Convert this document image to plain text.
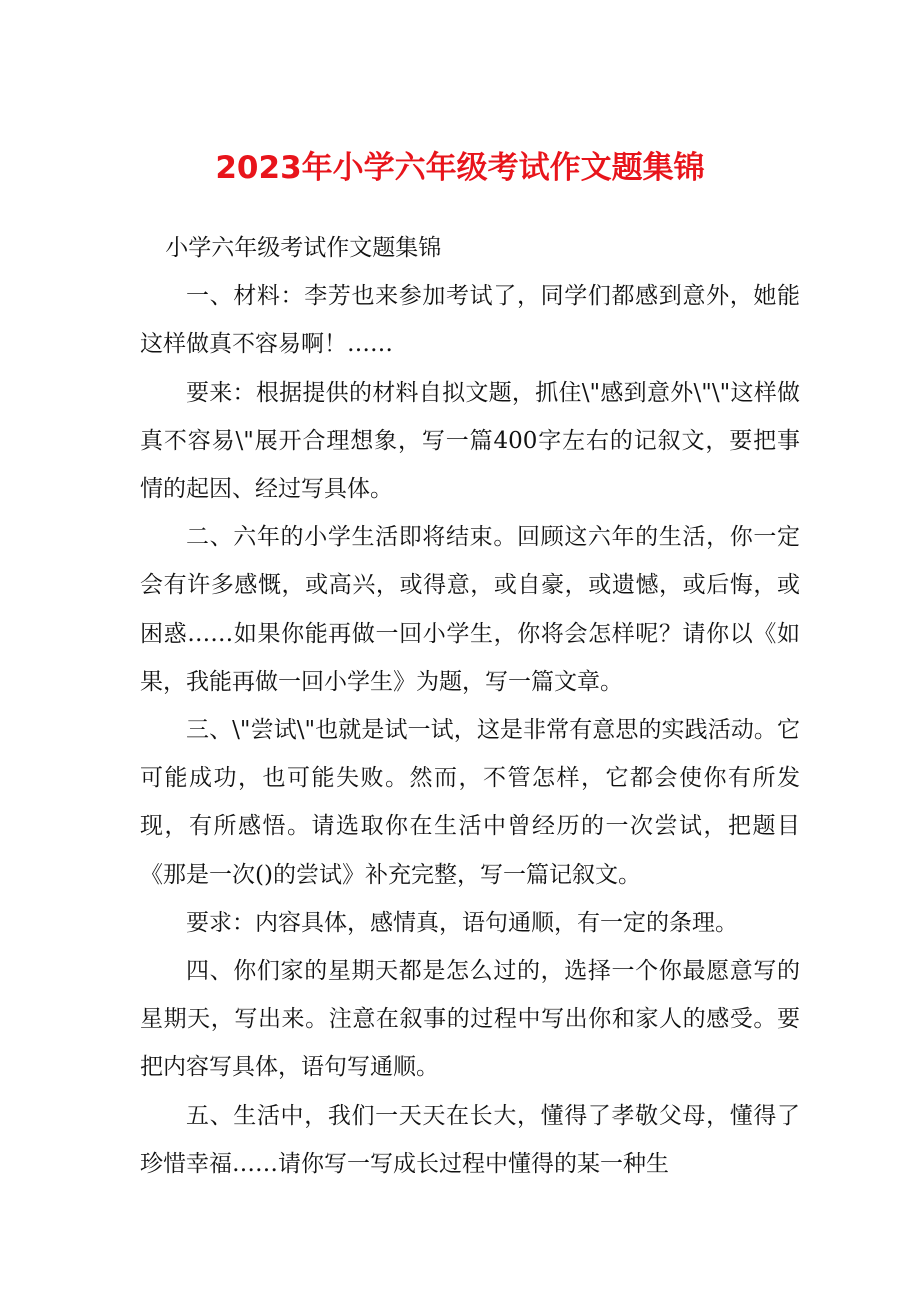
2023年小学六年级考试作文题集锦

小学六年级考试作文题集锦

一、材料：李芳也来参加考试了，同学们都感到意外，她能这样做真不容易啊！……

要来：根据提供的材料自拟文题，抓住\"感到意外\"\"这样做真不容易\"展开合理想象，写一篇400字左右的记叙文，要把事情的起因、经过写具体。

二、六年的小学生活即将结束。回顾这六年的生活，你一定会有许多感慨，或高兴，或得意，或自豪，或遗憾，或后悔，或困惑……如果你能再做一回小学生，你将会怎样呢？请你以《如果，我能再做一回小学生》为题，写一篇文章。

三、\"尝试\"也就是试一试，这是非常有意思的实践活动。它可能成功，也可能失败。然而，不管怎样，它都会使你有所发现，有所感悟。请选取你在生活中曾经历的一次尝试，把题目《那是一次()的尝试》补充完整，写一篇记叙文。

要求：内容具体，感情真，语句通顺，有一定的条理。

四、你们家的星期天都是怎么过的，选择一个你最愿意写的星期天，写出来。注意在叙事的过程中写出你和家人的感受。要把内容写具体，语句写通顺。

五、生活中，我们一天天在长大，懂得了孝敬父母，懂得了珍惜幸福……请你写一写成长过程中懂得的某一种生
